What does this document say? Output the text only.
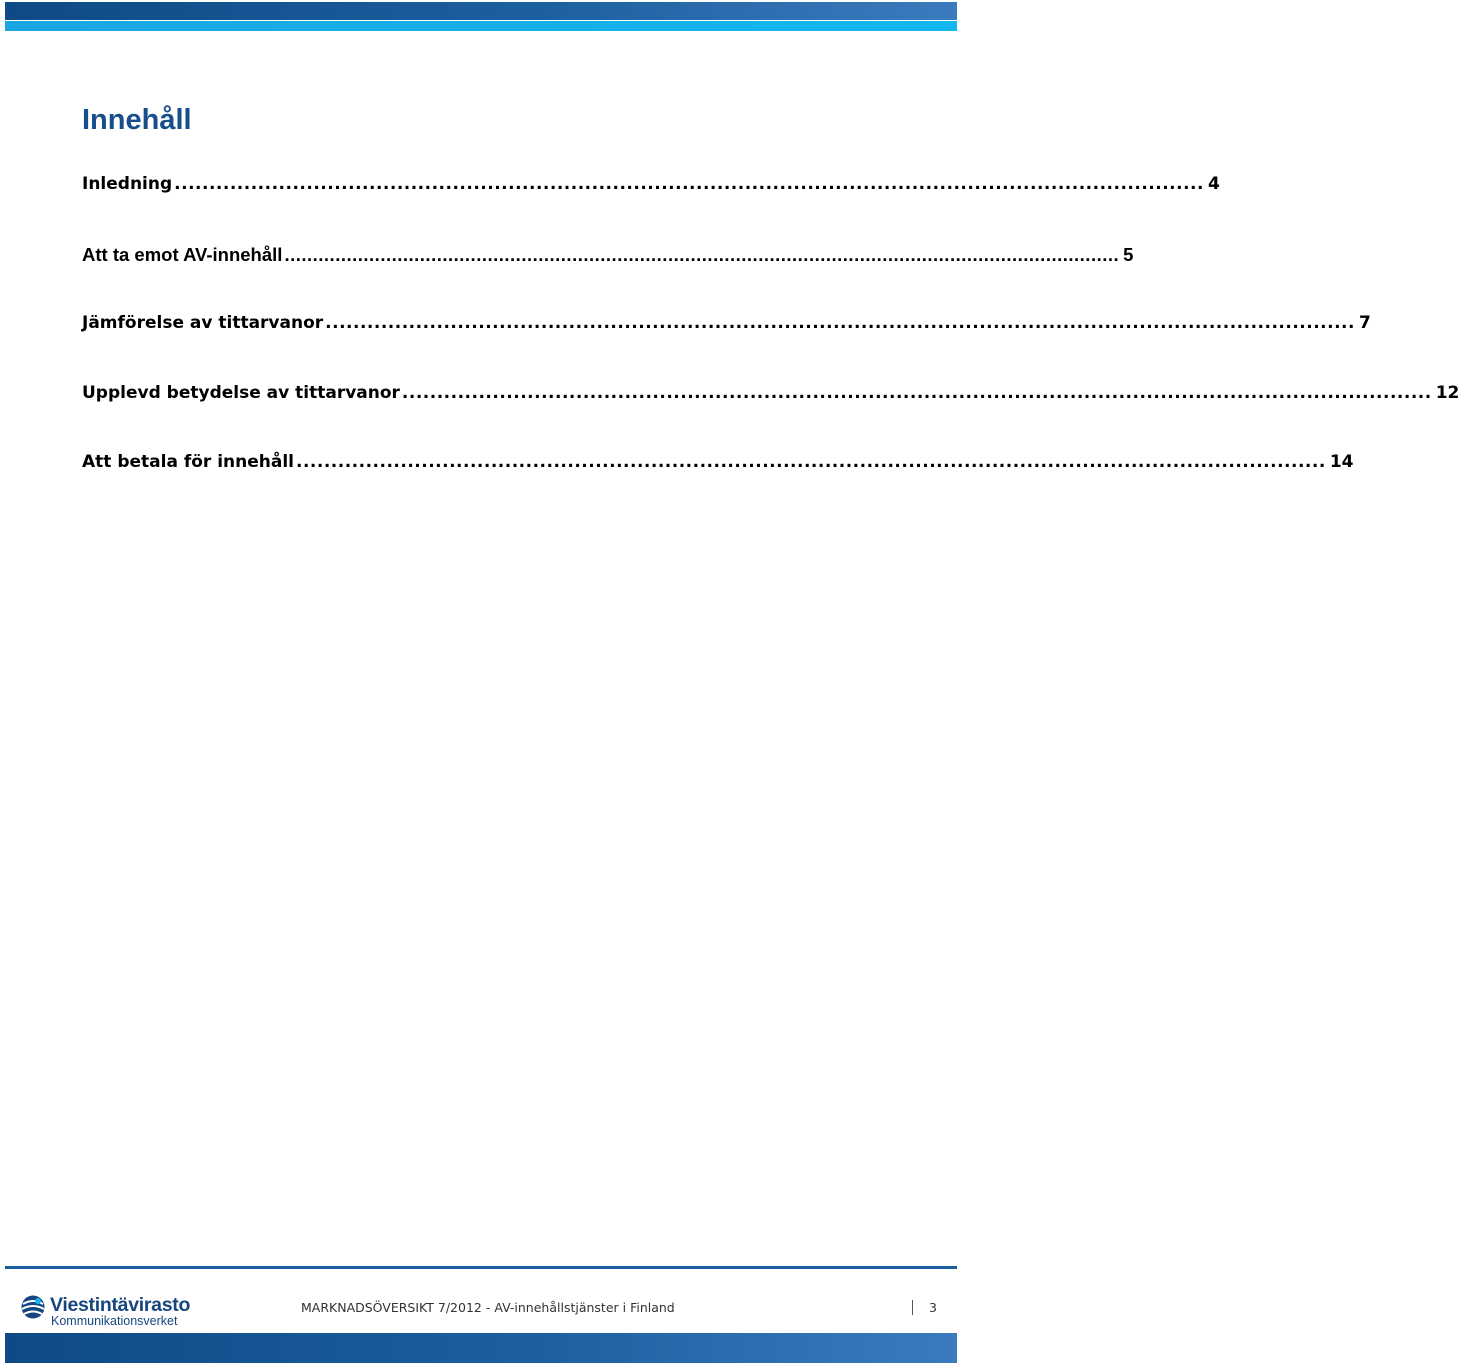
Innehåll
Inledning .................................................................................................................................................... 4
Att ta emot AV-innehåll .................................................................................................................................................... 5
Jämförelse av tittarvanor .................................................................................................................................................... 7
Upplevd betydelse av tittarvanor .................................................................................................................................................... 12
Att betala för innehåll .................................................................................................................................................... 14
Viestintävirasto
Kommunikationsverket
MARKNADSÖVERSIKT 7/2012 - AV-innehållstjänster i Finland	3
